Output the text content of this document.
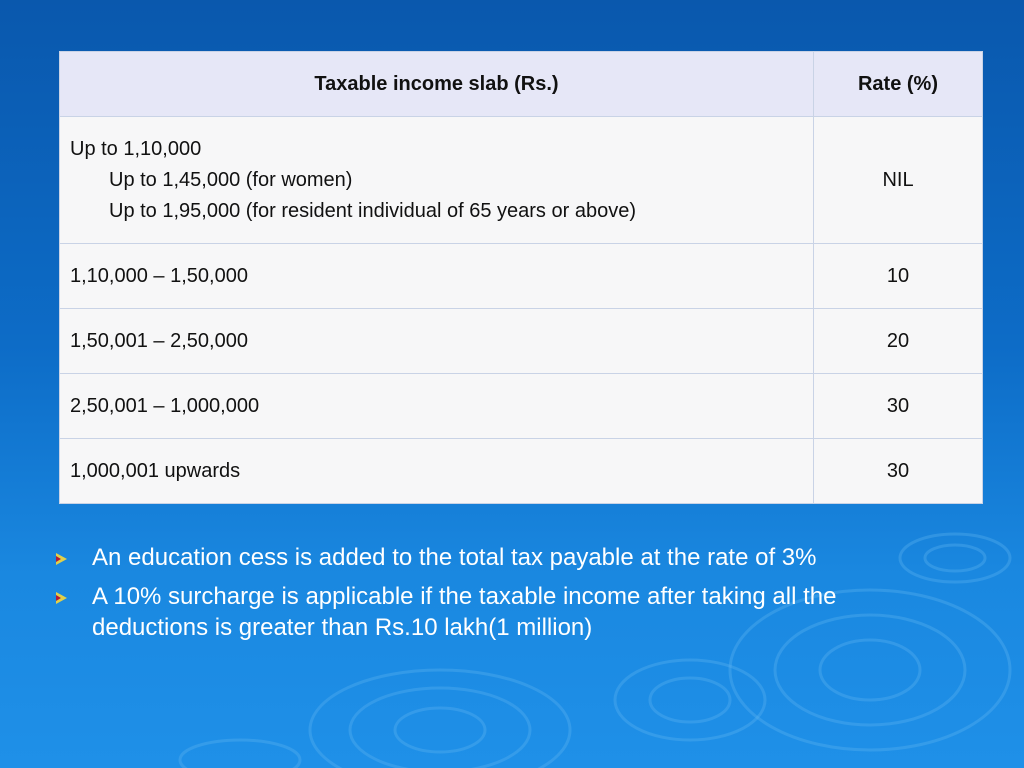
Taxable income slab (Rs.)	Rate (%)

Up to 1,10,000
Up to 1,45,000 (for women)
Up to 1,95,000 (for resident individual of 65 years or above)	NIL
1,10,000 – 1,50,000	10
1,50,001 – 2,50,000	20
2,50,001 – 1,000,000	30
1,000,001 upwards	30
An education cess is added to the total tax payable at the rate of 3%
A 10% surcharge is applicable if the taxable income after taking all the deductions is greater than Rs.10 lakh(1 million)
